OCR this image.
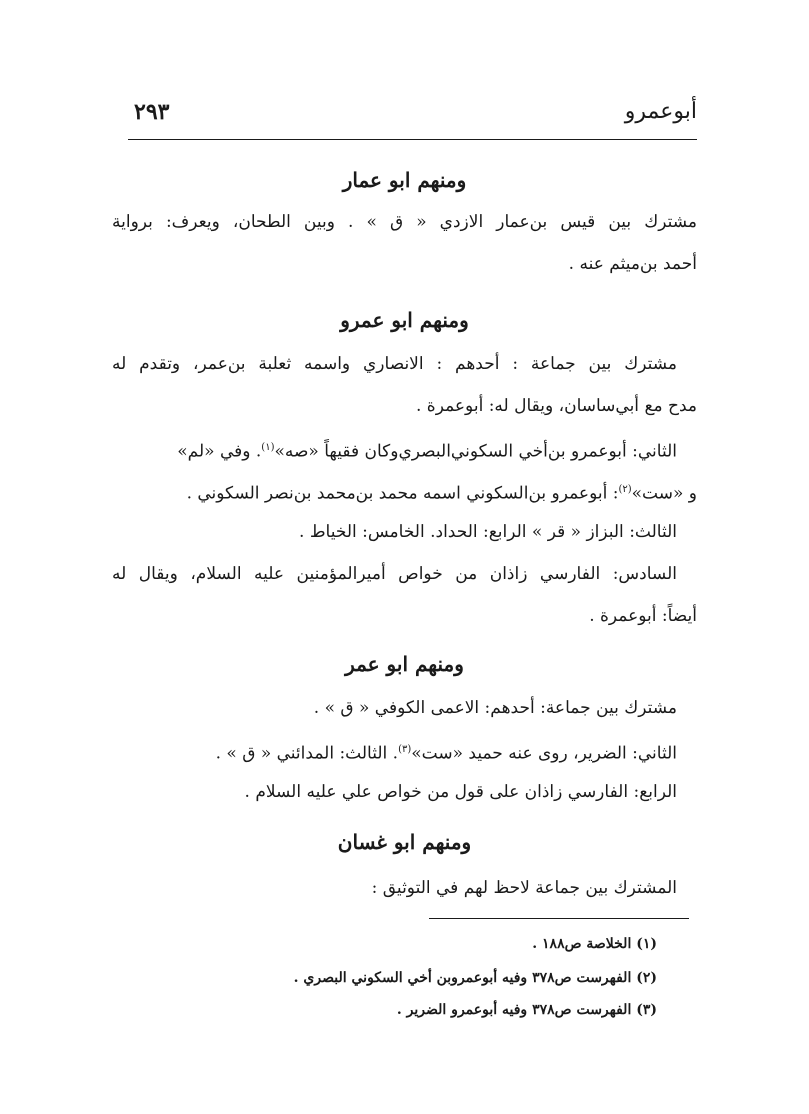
أبوعمرو
٢٩٣
ومنهم ابو عمار
مشترك بين قيس بن‌عمار الازدي « ق » . وبين الطحان، ويعرف: برواية
أحمد بن‌ميثم عنه .
ومنهم ابو عمرو
مشترك بين جماعة : أحدهم : الانصاري واسمه ثعلبة بن‌عمر، وتقدم له
مدح مع أبي‌ساسان، ويقال له: أبوعمرة .
الثاني: أبوعمرو بن‌أخي السكوني‌البصري‌وكان فقيهاً «صه»$^{(١)}$. وفي «لم»
و «ست»$^{(٢)}$: أبوعمرو بن‌السكوني اسمه محمد بن‌محمد بن‌نصر السكوني .
الثالث: البزاز « قر » الرابع: الحداد. الخامس: الخياط .
السادس: الفارسي زاذان من خواص أميرالمؤمنين عليه السلام، ويقال له
أيضاً: أبوعمرة .
ومنهم ابو عمر
مشترك بين جماعة: أحدهم: الاعمى الكوفي « ق » .
الثاني: الضرير، روى عنه حميد «ست»$^{(٣)}$. الثالث: المدائني « ق » .
الرابع: الفارسي زاذان على قول من خواص علي عليه السلام .
ومنهم ابو غسان
المشترك بين جماعة لاحظ لهم في التوثيق :
(١) الخلاصة ص١٨٨ .
(٢) الفهرست ص٣٧٨ وفيه أبوعمروبن أخي السكوني البصري .
(٣) الفهرست ص٣٧٨ وفيه أبوعمرو الضرير .
